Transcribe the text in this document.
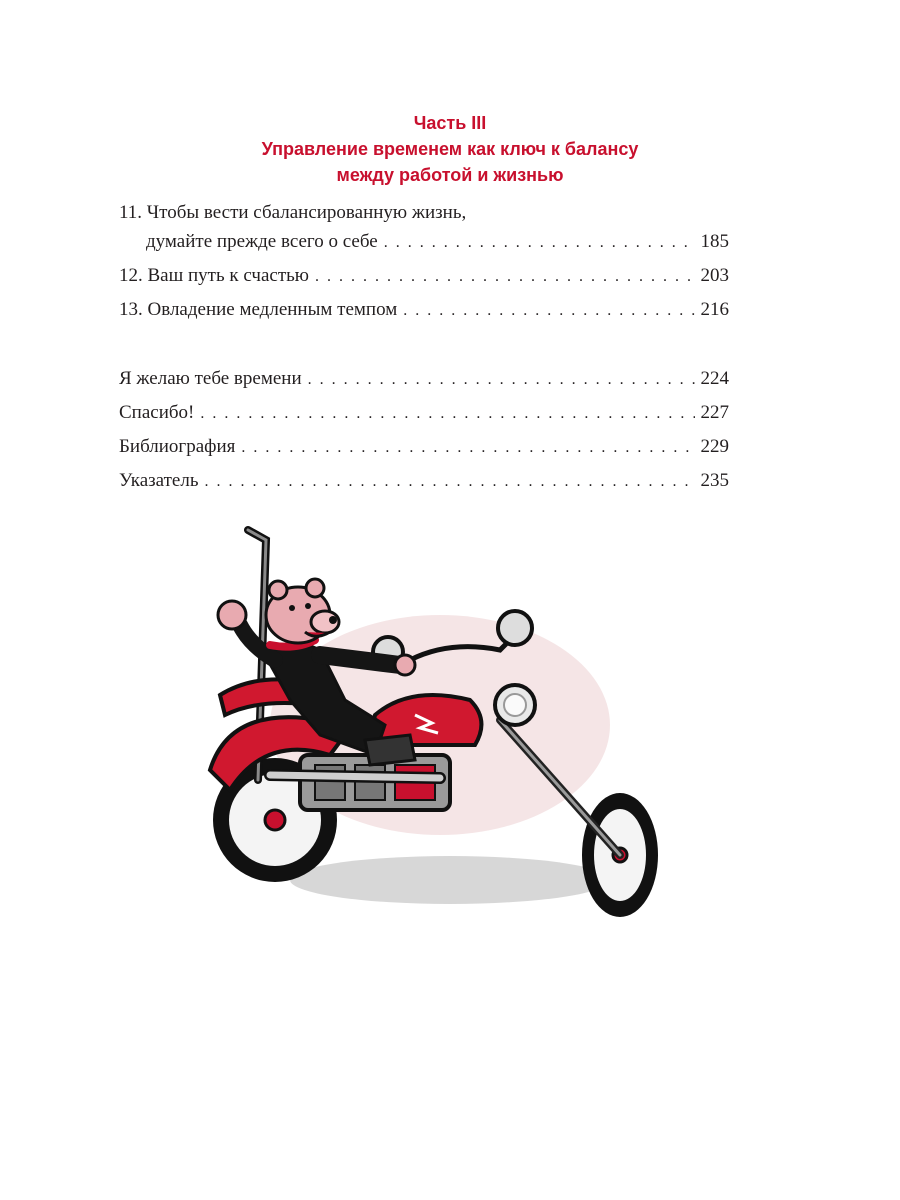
Часть III
Управление временем как ключ к балансу
между работой и жизнью
11. Чтобы вести сбалансированную жизнь,
думайте прежде всего о себе . . .	185
12. Ваш путь к счастью . . .	203
13. Овладение медленным темпом . . .	216
Я желаю тебе времени . . .	224
Спасибо! . . .	227
Библиография . . .	229
Указатель . . .	235
